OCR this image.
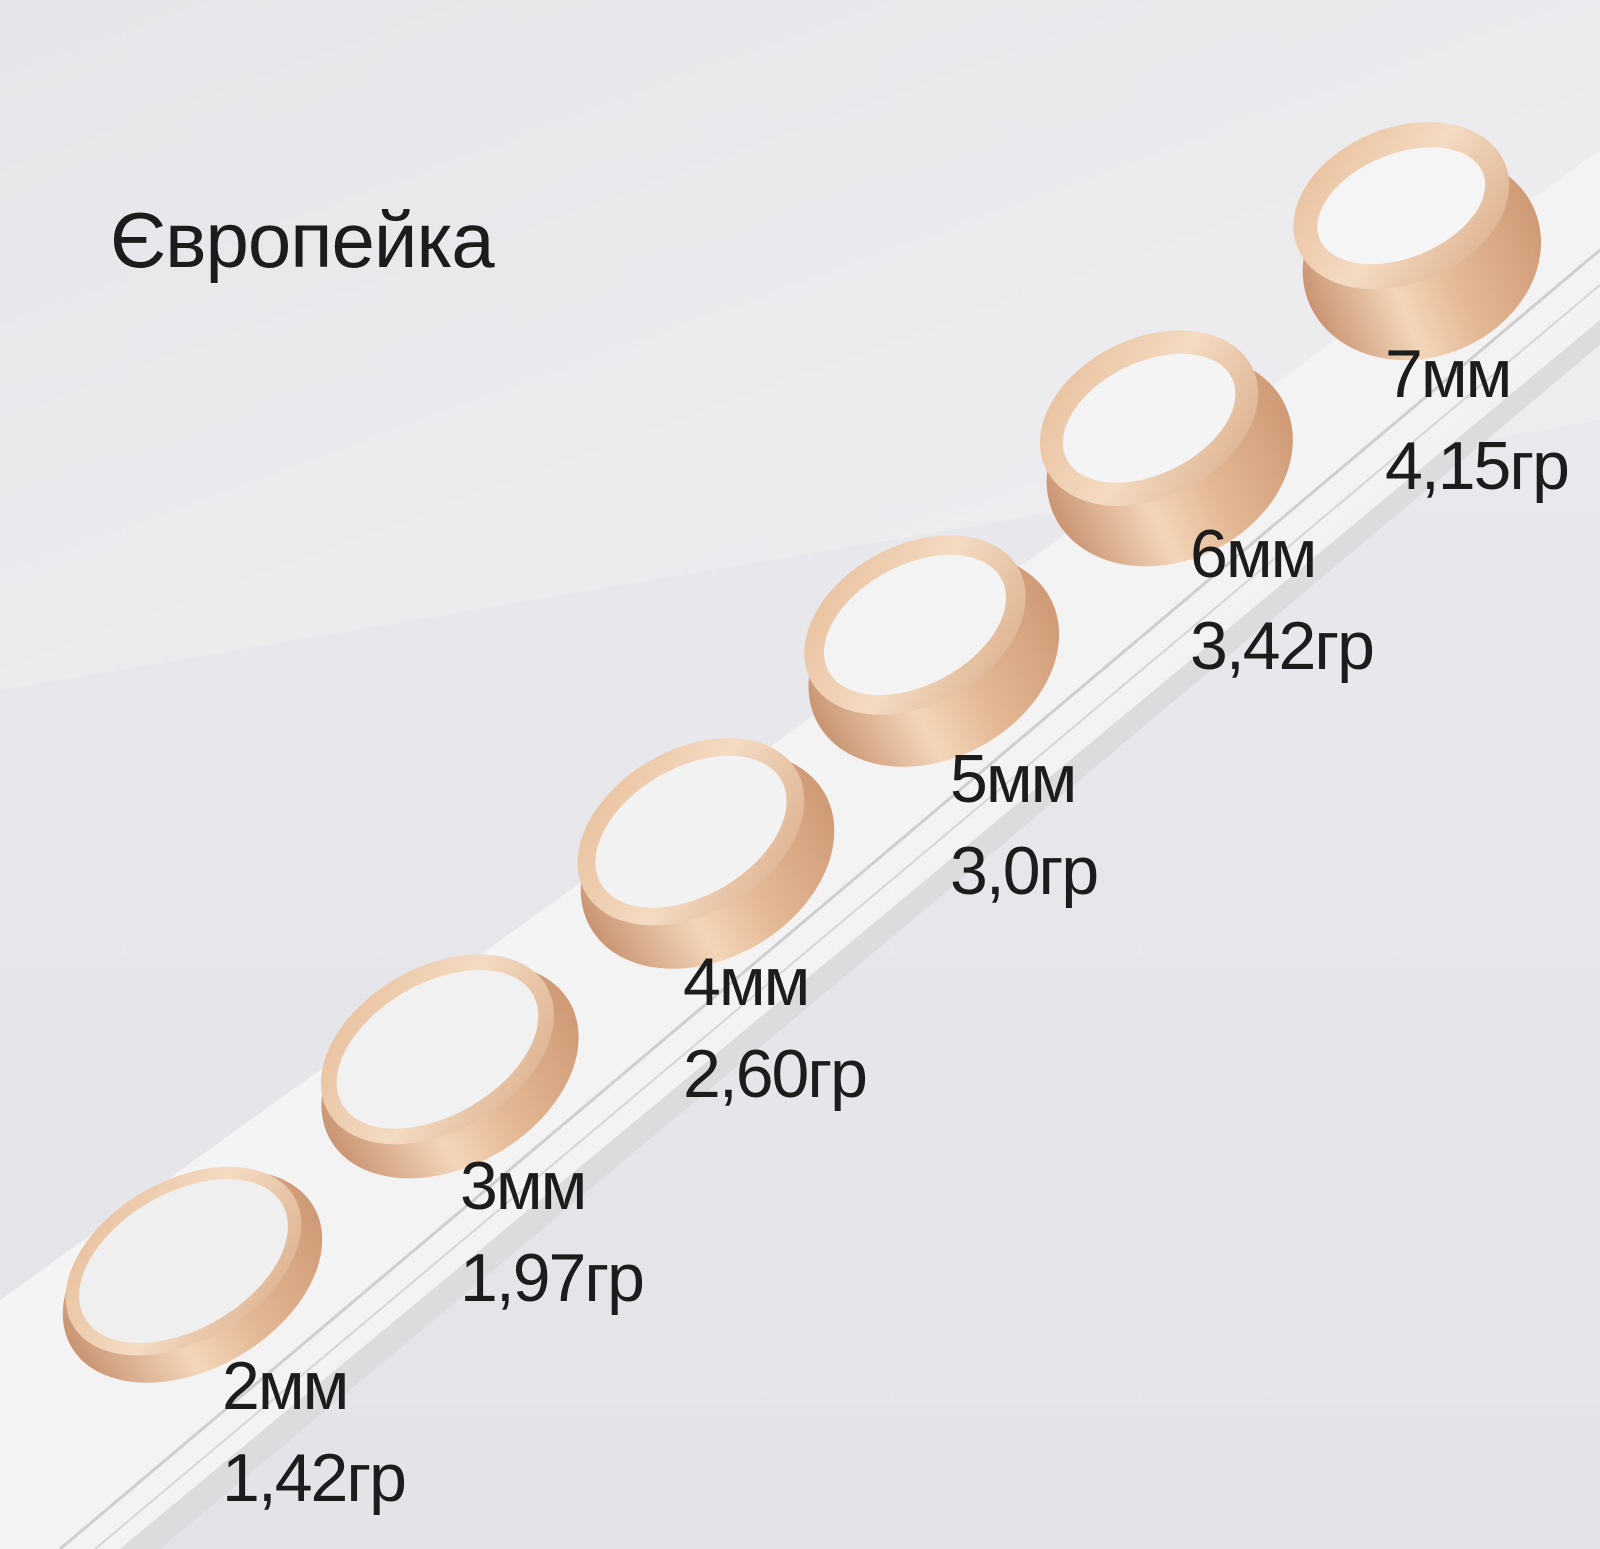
Європейка
2мм
1,42гр
3мм
1,97гр
4мм
2,60гр
5мм
3,0гр
6мм
3,42гр
7мм
4,15гр
